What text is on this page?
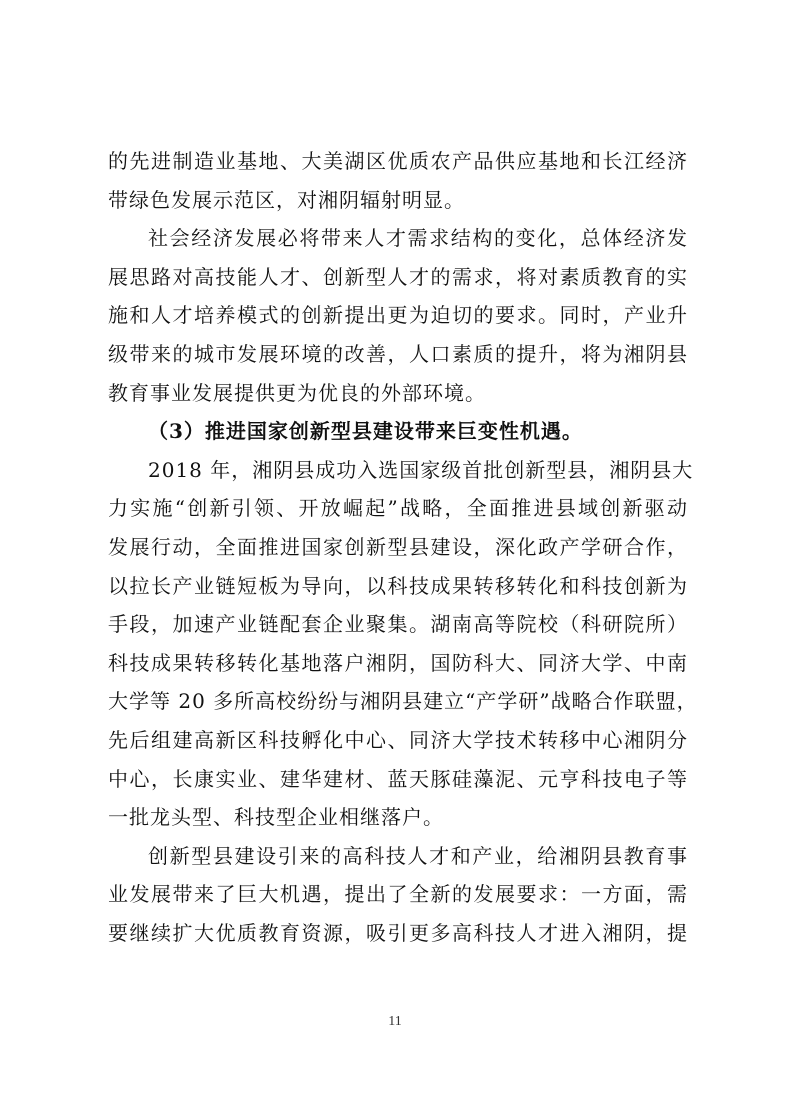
的先进制造业基地、大美湖区优质农产品供应基地和长江经济
带绿色发展示范区，对湘阴辐射明显。
社会经济发展必将带来人才需求结构的变化，总体经济发
展思路对高技能人才、创新型人才的需求，将对素质教育的实
施和人才培养模式的创新提出更为迫切的要求。同时，产业升
级带来的城市发展环境的改善，人口素质的提升，将为湘阴县
教育事业发展提供更为优良的外部环境。
（3）推进国家创新型县建设带来巨变性机遇。
2018 年，湘阴县成功入选国家级首批创新型县，湘阴县大
力实施“创新引领、开放崛起”战略，全面推进县域创新驱动
发展行动，全面推进国家创新型县建设，深化政产学研合作，
以拉长产业链短板为导向，以科技成果转移转化和科技创新为
手段，加速产业链配套企业聚集。湖南高等院校（科研院所）
科技成果转移转化基地落户湘阴，国防科大、同济大学、中南
大学等 20 多所高校纷纷与湘阴县建立“产学研”战略合作联盟，
先后组建高新区科技孵化中心、同济大学技术转移中心湘阴分
中心，长康实业、建华建材、蓝天豚硅藻泥、元亨科技电子等
一批龙头型、科技型企业相继落户。
创新型县建设引来的高科技人才和产业，给湘阴县教育事
业发展带来了巨大机遇，提出了全新的发展要求：一方面，需
要继续扩大优质教育资源，吸引更多高科技人才进入湘阴，提
11
